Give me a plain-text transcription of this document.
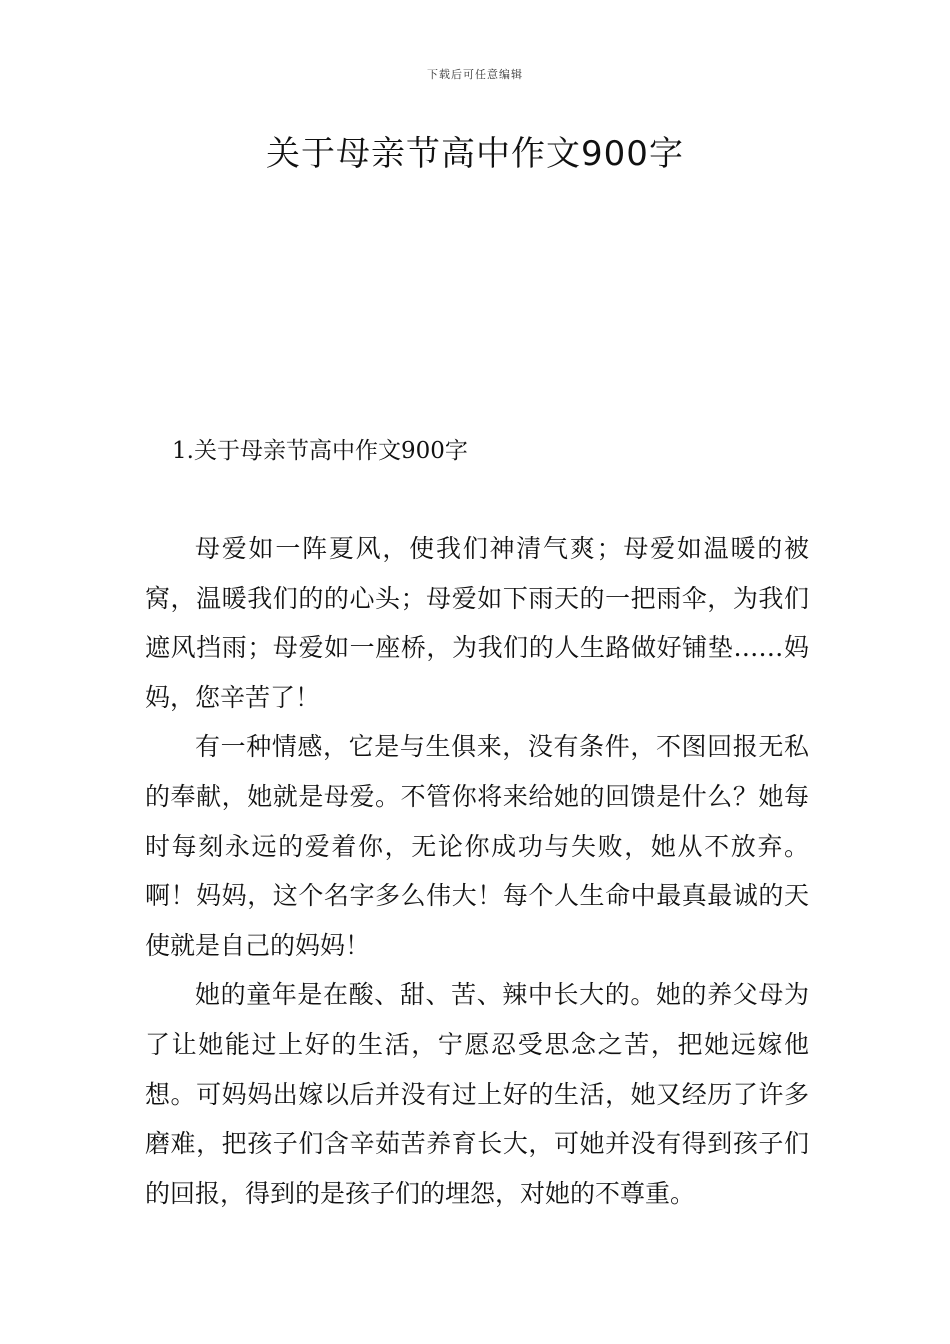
下载后可任意编辑
关于母亲节高中作文900字
1.关于母亲节高中作文900字

母爱如一阵夏风，使我们神清气爽；母爱如温暖的被窝，温暖我们的的心头；母爱如下雨天的一把雨伞，为我们遮风挡雨；母爱如一座桥，为我们的人生路做好铺垫……妈妈，您辛苦了！

有一种情感，它是与生俱来，没有条件，不图回报无私的奉献，她就是母爱。不管你将来给她的回馈是什么？她每时每刻永远的爱着你，无论你成功与失败，她从不放弃。啊！妈妈，这个名字多么伟大！每个人生命中最真最诚的天使就是自己的妈妈！

她的童年是在酸、甜、苦、辣中长大的。她的养父母为了让她能过上好的生活，宁愿忍受思念之苦，把她远嫁他想。可妈妈出嫁以后并没有过上好的生活，她又经历了许多磨难，把孩子们含辛茹苦养育长大，可她并没有得到孩子们的回报，得到的是孩子们的埋怨，对她的不尊重。
